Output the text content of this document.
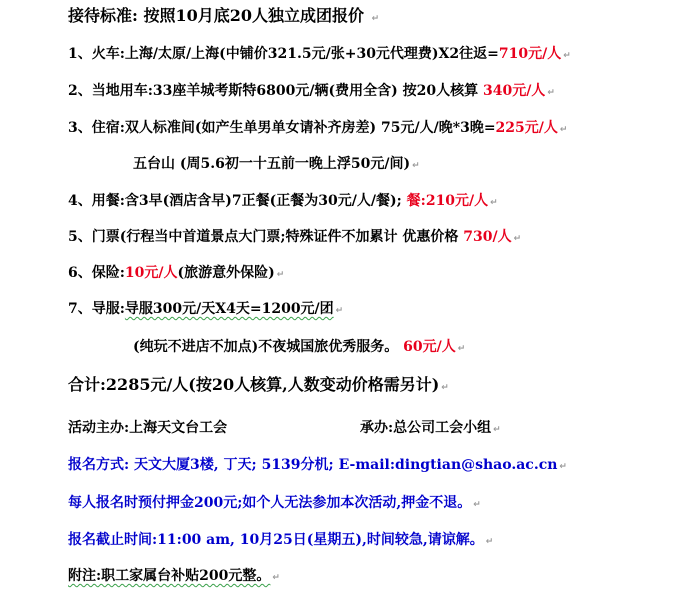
接待标准: 按照10月底20人独立成团报价 ↵
1、火车:上海/太原/上海(中铺价321.5元/张+30元代理费)X2往返=710元/人 ↵
2、当地用车:33座羊城考斯特6800元/辆(费用全含) 按20人核算 340元/人 ↵
3、住宿:双人标准间(如产生单男单女请补齐房差) 75元/人/晚*3晚=225元/人 ↵
五台山 (周5.6初一十五前一晚上浮50元/间) ↵
4、用餐:含3早(酒店含早)7正餐(正餐为30元/人/餐); 餐:210元/人 ↵
5、门票(行程当中首道景点大门票;特殊证件不加累计 优惠价格 730/人 ↵
6、保险:10元/人(旅游意外保险) ↵
7、导服:导服300元/天X4天=1200元/团 ↵
(纯玩不进店不加点)不夜城国旅优秀服务。 60元/人 ↵
合计:2285元/人(按20人核算,人数变动价格需另计) ↵
活动主办:上海天文台工会	承办:总公司工会小组 ↵
报名方式: 天文大厦3楼, 丁天; 5139分机; E-mail:dingtian@shao.ac.cn ↵
每人报名时预付押金200元;如个人无法参加本次活动,押金不退。 ↵
报名截止时间:11:00 am, 10月25日(星期五),时间较急,请谅解。 ↵
附注:职工家属台补贴200元整。 ↵
